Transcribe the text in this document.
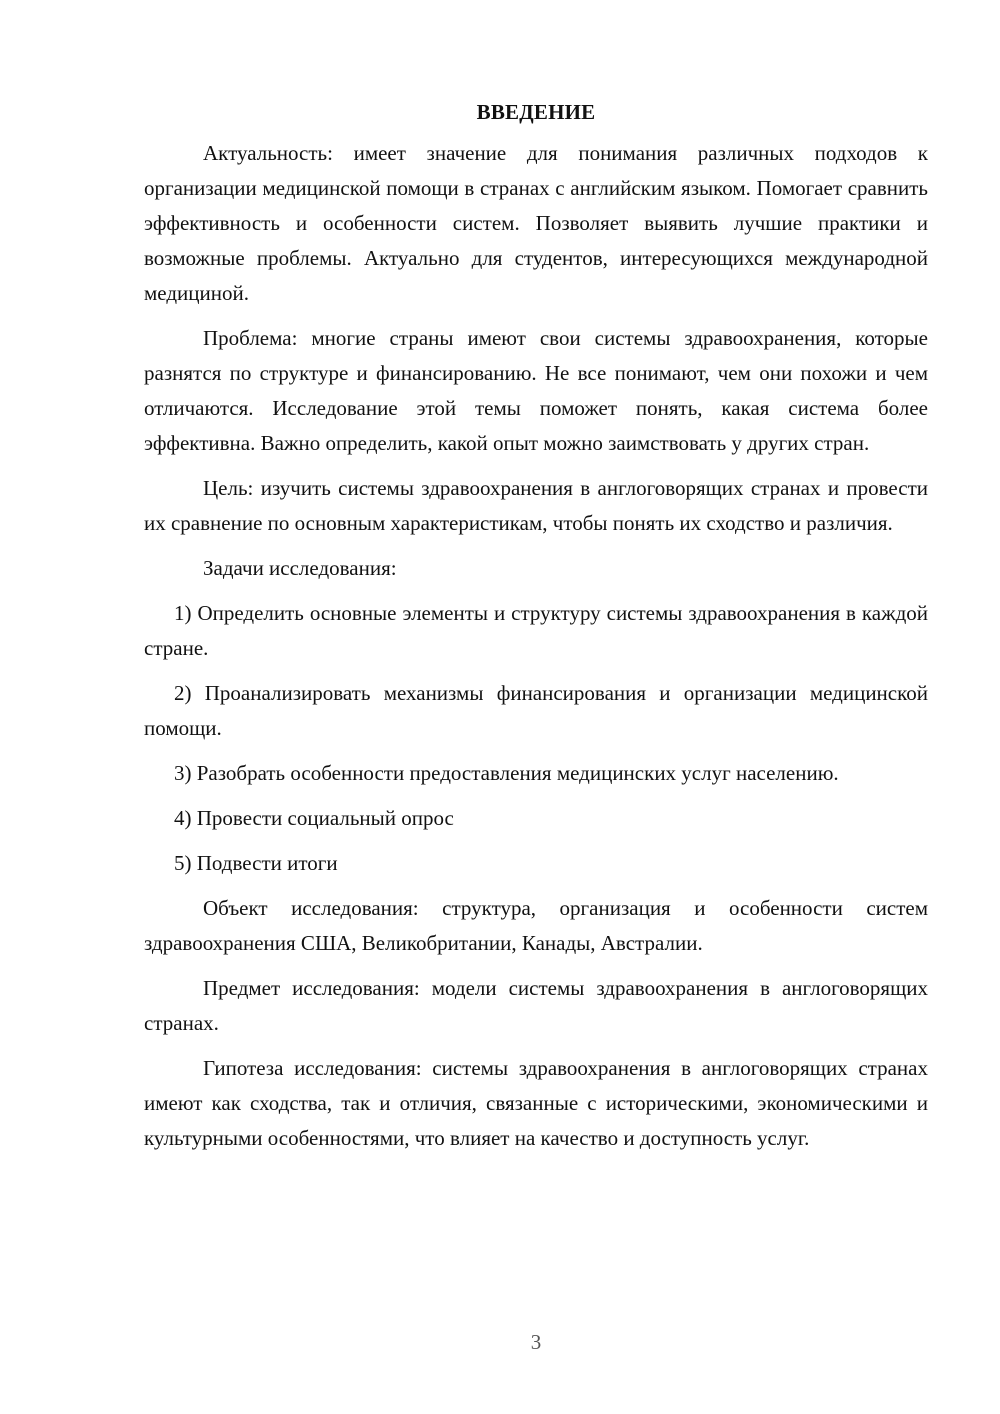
ВВЕДЕНИЕ

Актуальность: имеет значение для понимания различных подходов к организации медицинской помощи в странах с английским языком. Помогает сравнить эффективность и особенности систем. Позволяет выявить лучшие практики и возможные проблемы. Актуально для студентов, интересующихся международной медициной.

Проблема: многие страны имеют свои системы здравоохранения, которые разнятся по структуре и финансированию. Не все понимают, чем они похожи и чем отличаются. Исследование этой темы поможет понять, какая система более эффективна. Важно определить, какой опыт можно заимствовать у других стран.

Цель: изучить системы здравоохранения в англоговорящих странах и провести их сравнение по основным характеристикам, чтобы понять их сходство и различия.

Задачи исследования:

1) Определить основные элементы и структуру системы здравоохранения в каждой стране.

2) Проанализировать механизмы финансирования и организации медицинской помощи.

3) Разобрать особенности предоставления медицинских услуг населению.

4) Провести социальный опрос

5) Подвести итоги

Объект исследования: структура, организация и особенности систем здравоохранения США, Великобритании, Канады, Австралии.

Предмет исследования: модели системы здравоохранения в англоговорящих странах.

Гипотеза исследования: системы здравоохранения в англоговорящих странах имеют как сходства, так и отличия, связанные с историческими, экономическими и культурными особенностями, что влияет на качество и доступность услуг.

3
